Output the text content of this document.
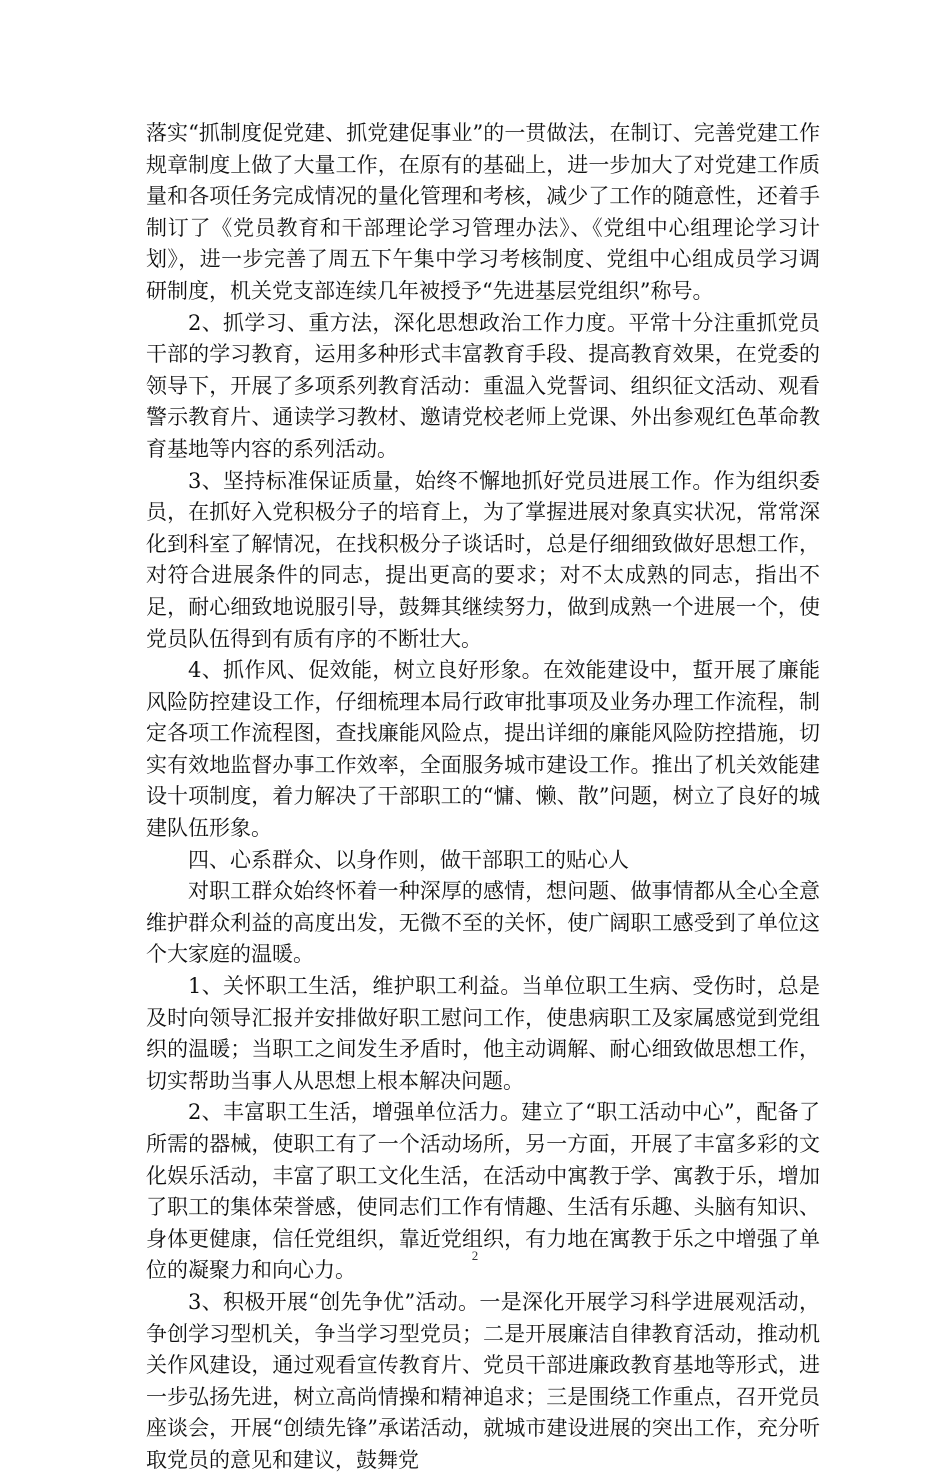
落实“抓制度促党建、抓党建促事业”的一贯做法，在制订、完善党建工作规章制度上做了大量工作，在原有的基础上，进一步加大了对党建工作质量和各项任务完成情况的量化管理和考核，减少了工作的随意性，还着手制订了《党员教育和干部理论学习管理办法》、《党组中心组理论学习计划》，进一步完善了周五下午集中学习考核制度、党组中心组成员学习调研制度，机关党支部连续几年被授予“先进基层党组织”称号。

2、抓学习、重方法，深化思想政治工作力度。平常十分注重抓党员干部的学习教育，运用多种形式丰富教育手段、提高教育效果，在党委的领导下，开展了多项系列教育活动：重温入党誓词、组织征文活动、观看警示教育片、通读学习教材、邀请党校老师上党课、外出参观红色革命教育基地等内容的系列活动。

3、坚持标准保证质量，始终不懈地抓好党员进展工作。作为组织委员，在抓好入党积极分子的培育上，为了掌握进展对象真实状况，常常深化到科室了解情况，在找积极分子谈话时，总是仔细细致做好思想工作，对符合进展条件的同志，提出更高的要求；对不太成熟的同志，指出不足，耐心细致地说服引导，鼓舞其继续努力，做到成熟一个进展一个，使党员队伍得到有质有序的不断壮大。

4、抓作风、促效能，树立良好形象。在效能建设中，蜇开展了廉能风险防控建设工作，仔细梳理本局行政审批事项及业务办理工作流程，制定各项工作流程图，查找廉能风险点，提出详细的廉能风险防控措施，切实有效地监督办事工作效率，全面服务城市建设工作。推出了机关效能建设十项制度，着力解决了干部职工的“慵、懒、散”问题，树立了良好的城建队伍形象。

四、心系群众、以身作则，做干部职工的贴心人

对职工群众始终怀着一种深厚的感情，想问题、做事情都从全心全意维护群众利益的高度出发，无微不至的关怀，使广阔职工感受到了单位这个大家庭的温暖。

1、关怀职工生活，维护职工利益。当单位职工生病、受伤时，总是及时向领导汇报并安排做好职工慰问工作，使患病职工及家属感觉到党组织的温暖；当职工之间发生矛盾时，他主动调解、耐心细致做思想工作，切实帮助当事人从思想上根本解决问题。

2、丰富职工生活，增强单位活力。建立了“职工活动中心”，配备了所需的器械，使职工有了一个活动场所，另一方面，开展了丰富多彩的文化娱乐活动，丰富了职工文化生活，在活动中寓教于学、寓教于乐，增加了职工的集体荣誉感，使同志们工作有情趣、生活有乐趣、头脑有知识、身体更健康，信任党组织，靠近党组织，有力地在寓教于乐之中增强了单位的凝聚力和向心力。

3、积极开展“创先争优”活动。一是深化开展学习科学进展观活动，争创学习型机关，争当学习型党员；二是开展廉洁自律教育活动，推动机关作风建设，通过观看宣传教育片、党员干部进廉政教育基地等形式，进一步弘扬先进，树立高尚情操和精神追求；三是围绕工作重点，召开党员座谈会，开展“创绩先锋”承诺活动，就城市建设进展的突出工作，充分听取党员的意见和建议，鼓舞党

2
